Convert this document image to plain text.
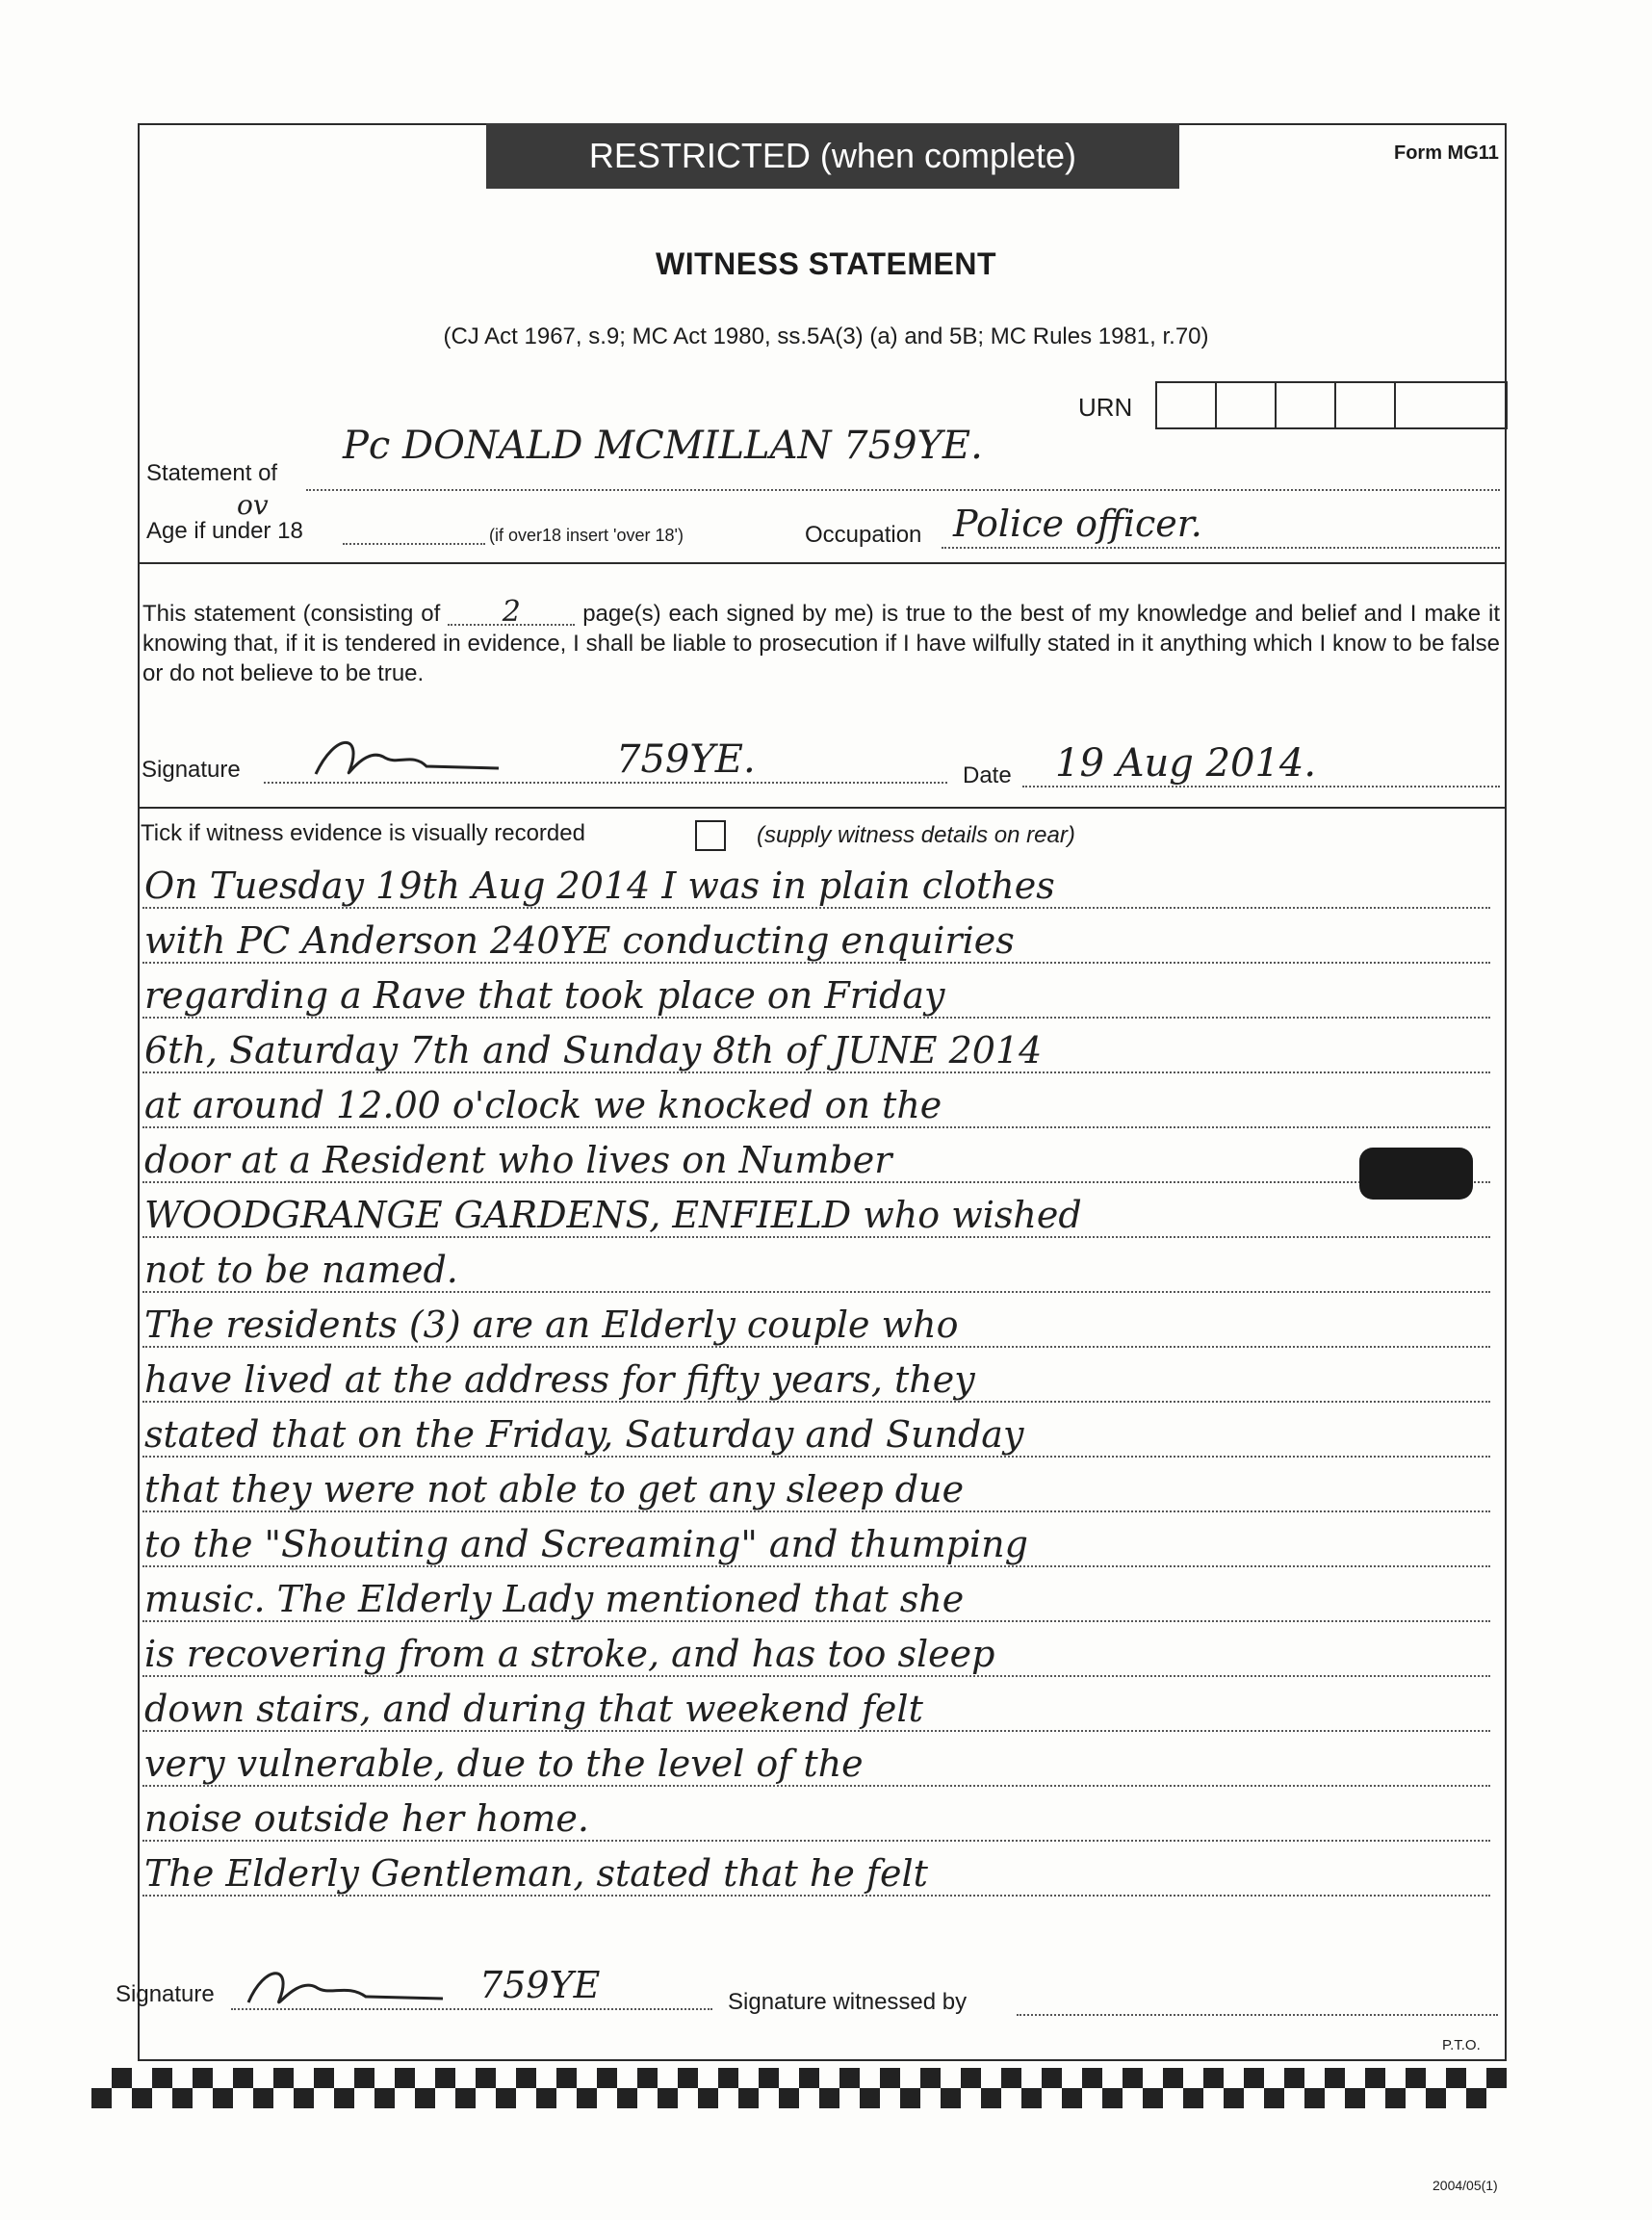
RESTRICTED (when complete)	Form MG11
WITNESS STATEMENT
(CJ Act 1967, s.9; MC Act 1980, ss.5A(3) (a) and 5B; MC Rules 1981, r.70)
URN
Statement of
Pc DONALD MCMILLAN 759YE.
Age if under 18
ov
(if over18 insert 'over 18')	Occupation Police officer.
This statement (consisting of 2	page(s) each signed by me) is true to the best of my knowledge and belief and I make it knowing that, if it is tendered in evidence, I shall be liable to prosecution if I have wilfully stated in it anything which I know to be false or do not believe to be true.
Signature	759YE.	Date 19 Aug 2014.
Tick if witness evidence is visually recorded	(supply witness details on rear)
On Tuesday 19th Aug 2014 I was in plain clothes
with PC Anderson 240YE conducting enquiries
regarding a Rave that took place on Friday
6th, Saturday 7th and Sunday 8th of JUNE 2014
at around 12.00 o'clock we knocked on the
door at a Resident who lives on Number
WOODGRANGE GARDENS, ENFIELD who wished
not to be named.
The residents (3) are an Elderly couple who
have lived at the address for fifty years, they
stated that on the Friday, Saturday and Sunday
that they were not able to get any sleep due
to the "Shouting and Screaming" and thumping
music. The Elderly Lady mentioned that she
is recovering from a stroke, and has too sleep
down stairs, and during that weekend felt
very vulnerable, due to the level of the
noise outside her home.
The Elderly Gentleman, stated that he felt
Signature	759YE	Signature witnessed by
P.T.O.
2004/05(1)
